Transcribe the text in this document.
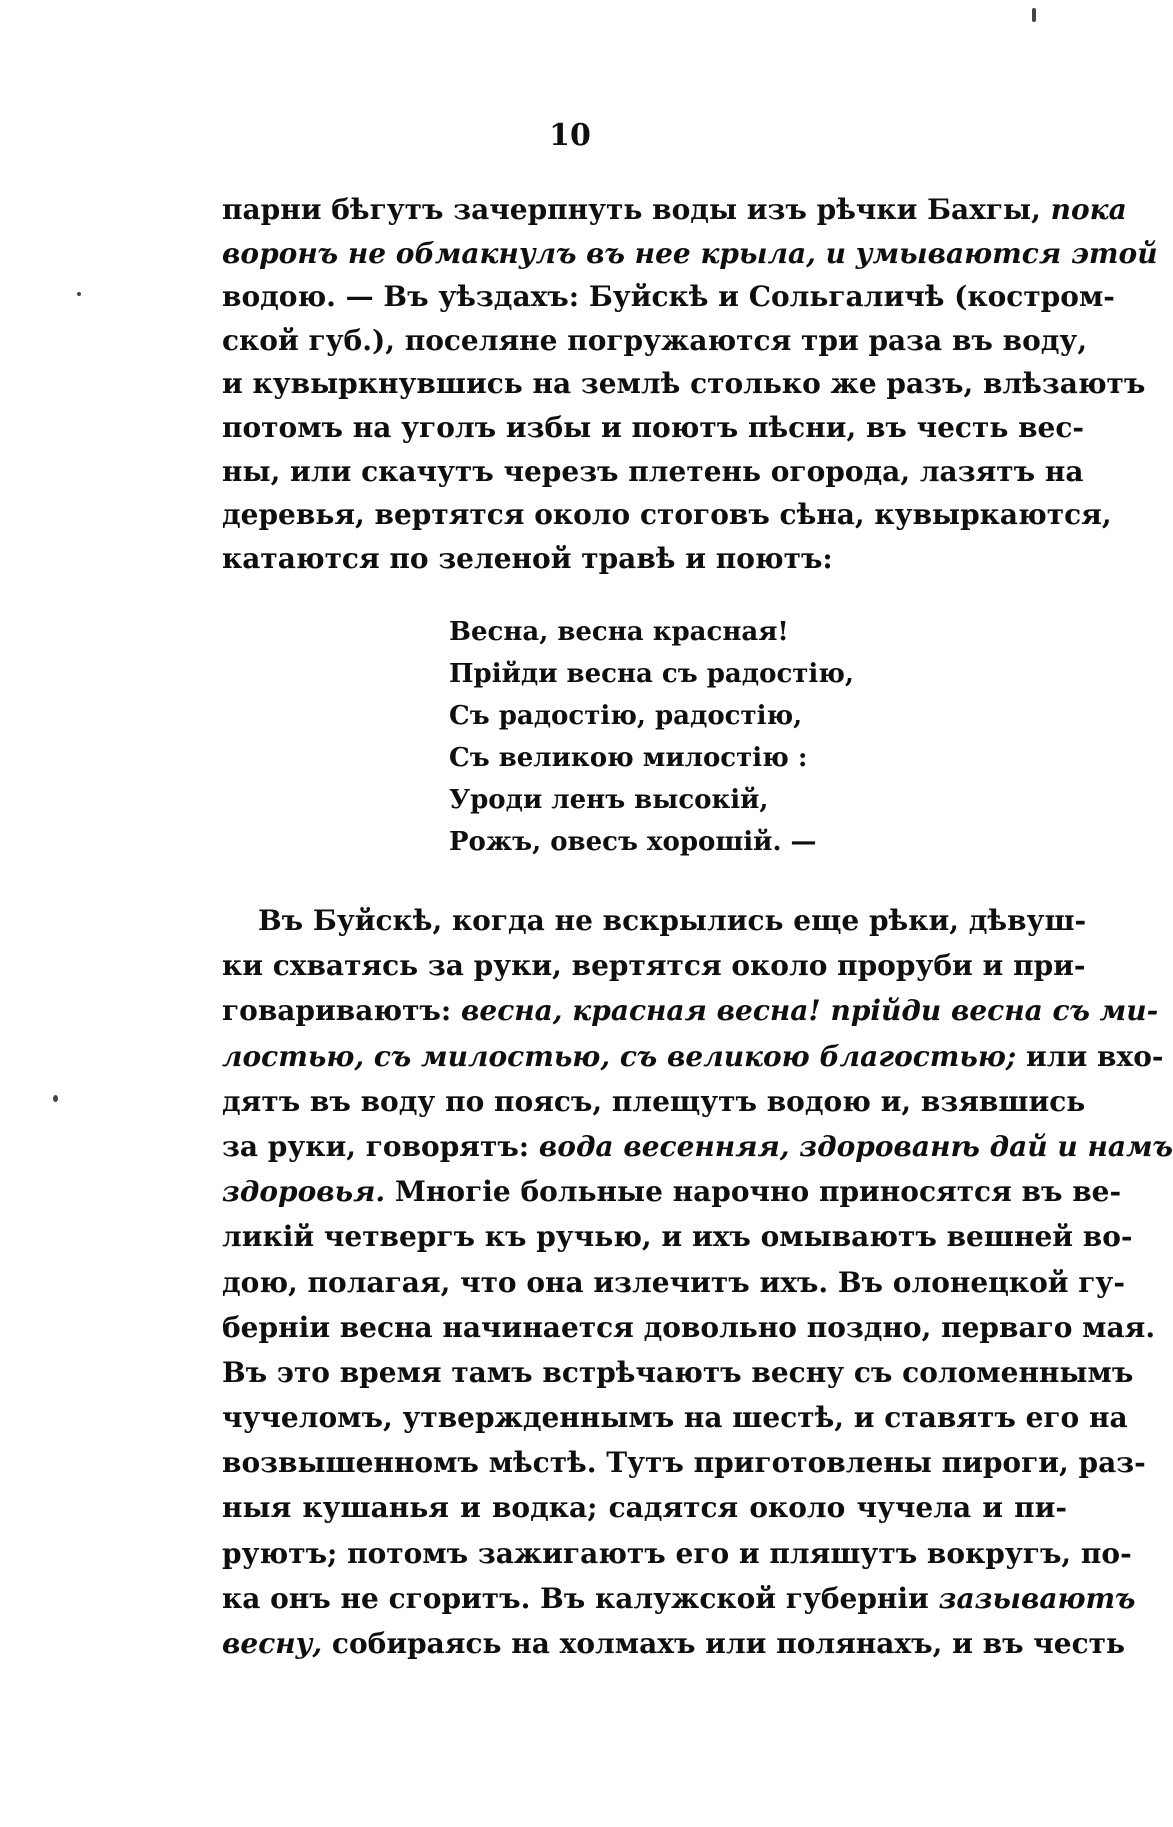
10
парни бѣгутъ зачерпнуть воды изъ рѣчки Бахгы, пока
воронъ не обмакнулъ въ нее крыла, и умываются этой
водою. — Въ уѣздахъ: Буйскѣ и Сольгаличѣ (костром-
ской губ.), поселяне погружаются три раза въ воду,
и кувыркнувшись на землѣ столько же разъ, влѣзаютъ
потомъ на уголъ избы и поютъ пѣсни, въ честь вес-
ны, или скачутъ черезъ плетень огорода, лазятъ на
деревья, вертятся около стоговъ сѣна, кувыркаются,
катаются по зеленой травѣ и поютъ:
Весна, весна красная!
Прійди весна съ радостію,
Съ радостію, радостію,
Съ великою милостію :
Уроди ленъ высокій,
Рожъ, овесъ хорошій. —
Въ Буйскѣ, когда не вскрылись еще рѣки, дѣвуш-
ки схватясь за руки, вертятся около проруби и при-
говариваютъ: весна, красная весна! прійди весна съ ми-
лостью, съ милостью, съ великою благостью; или вхо-
дятъ въ воду по поясъ, плещутъ водою и, взявшись
за руки, говорятъ: вода весенняя, здорованѣ дай и намъ
здоровья. Многіе больные нарочно приносятся въ ве-
ликій четвергъ къ ручью, и ихъ омываютъ вешней во-
дою, полагая, что она излечитъ ихъ. Въ олонецкой гу-
берніи весна начинается довольно поздно, перваго мая.
Въ это время тамъ встрѣчаютъ весну съ соломеннымъ
чучеломъ, утвержденнымъ на шестѣ, и ставятъ его на
возвышенномъ мѣстѣ. Тутъ приготовлены пироги, раз-
ныя кушанья и водка; садятся около чучела и пи-
руютъ; потомъ зажигаютъ его и пляшутъ вокругъ, по-
ка онъ не сгоритъ. Въ калужской губерніи зазываютъ
весну, собираясь на холмахъ или полянахъ, и въ честь
